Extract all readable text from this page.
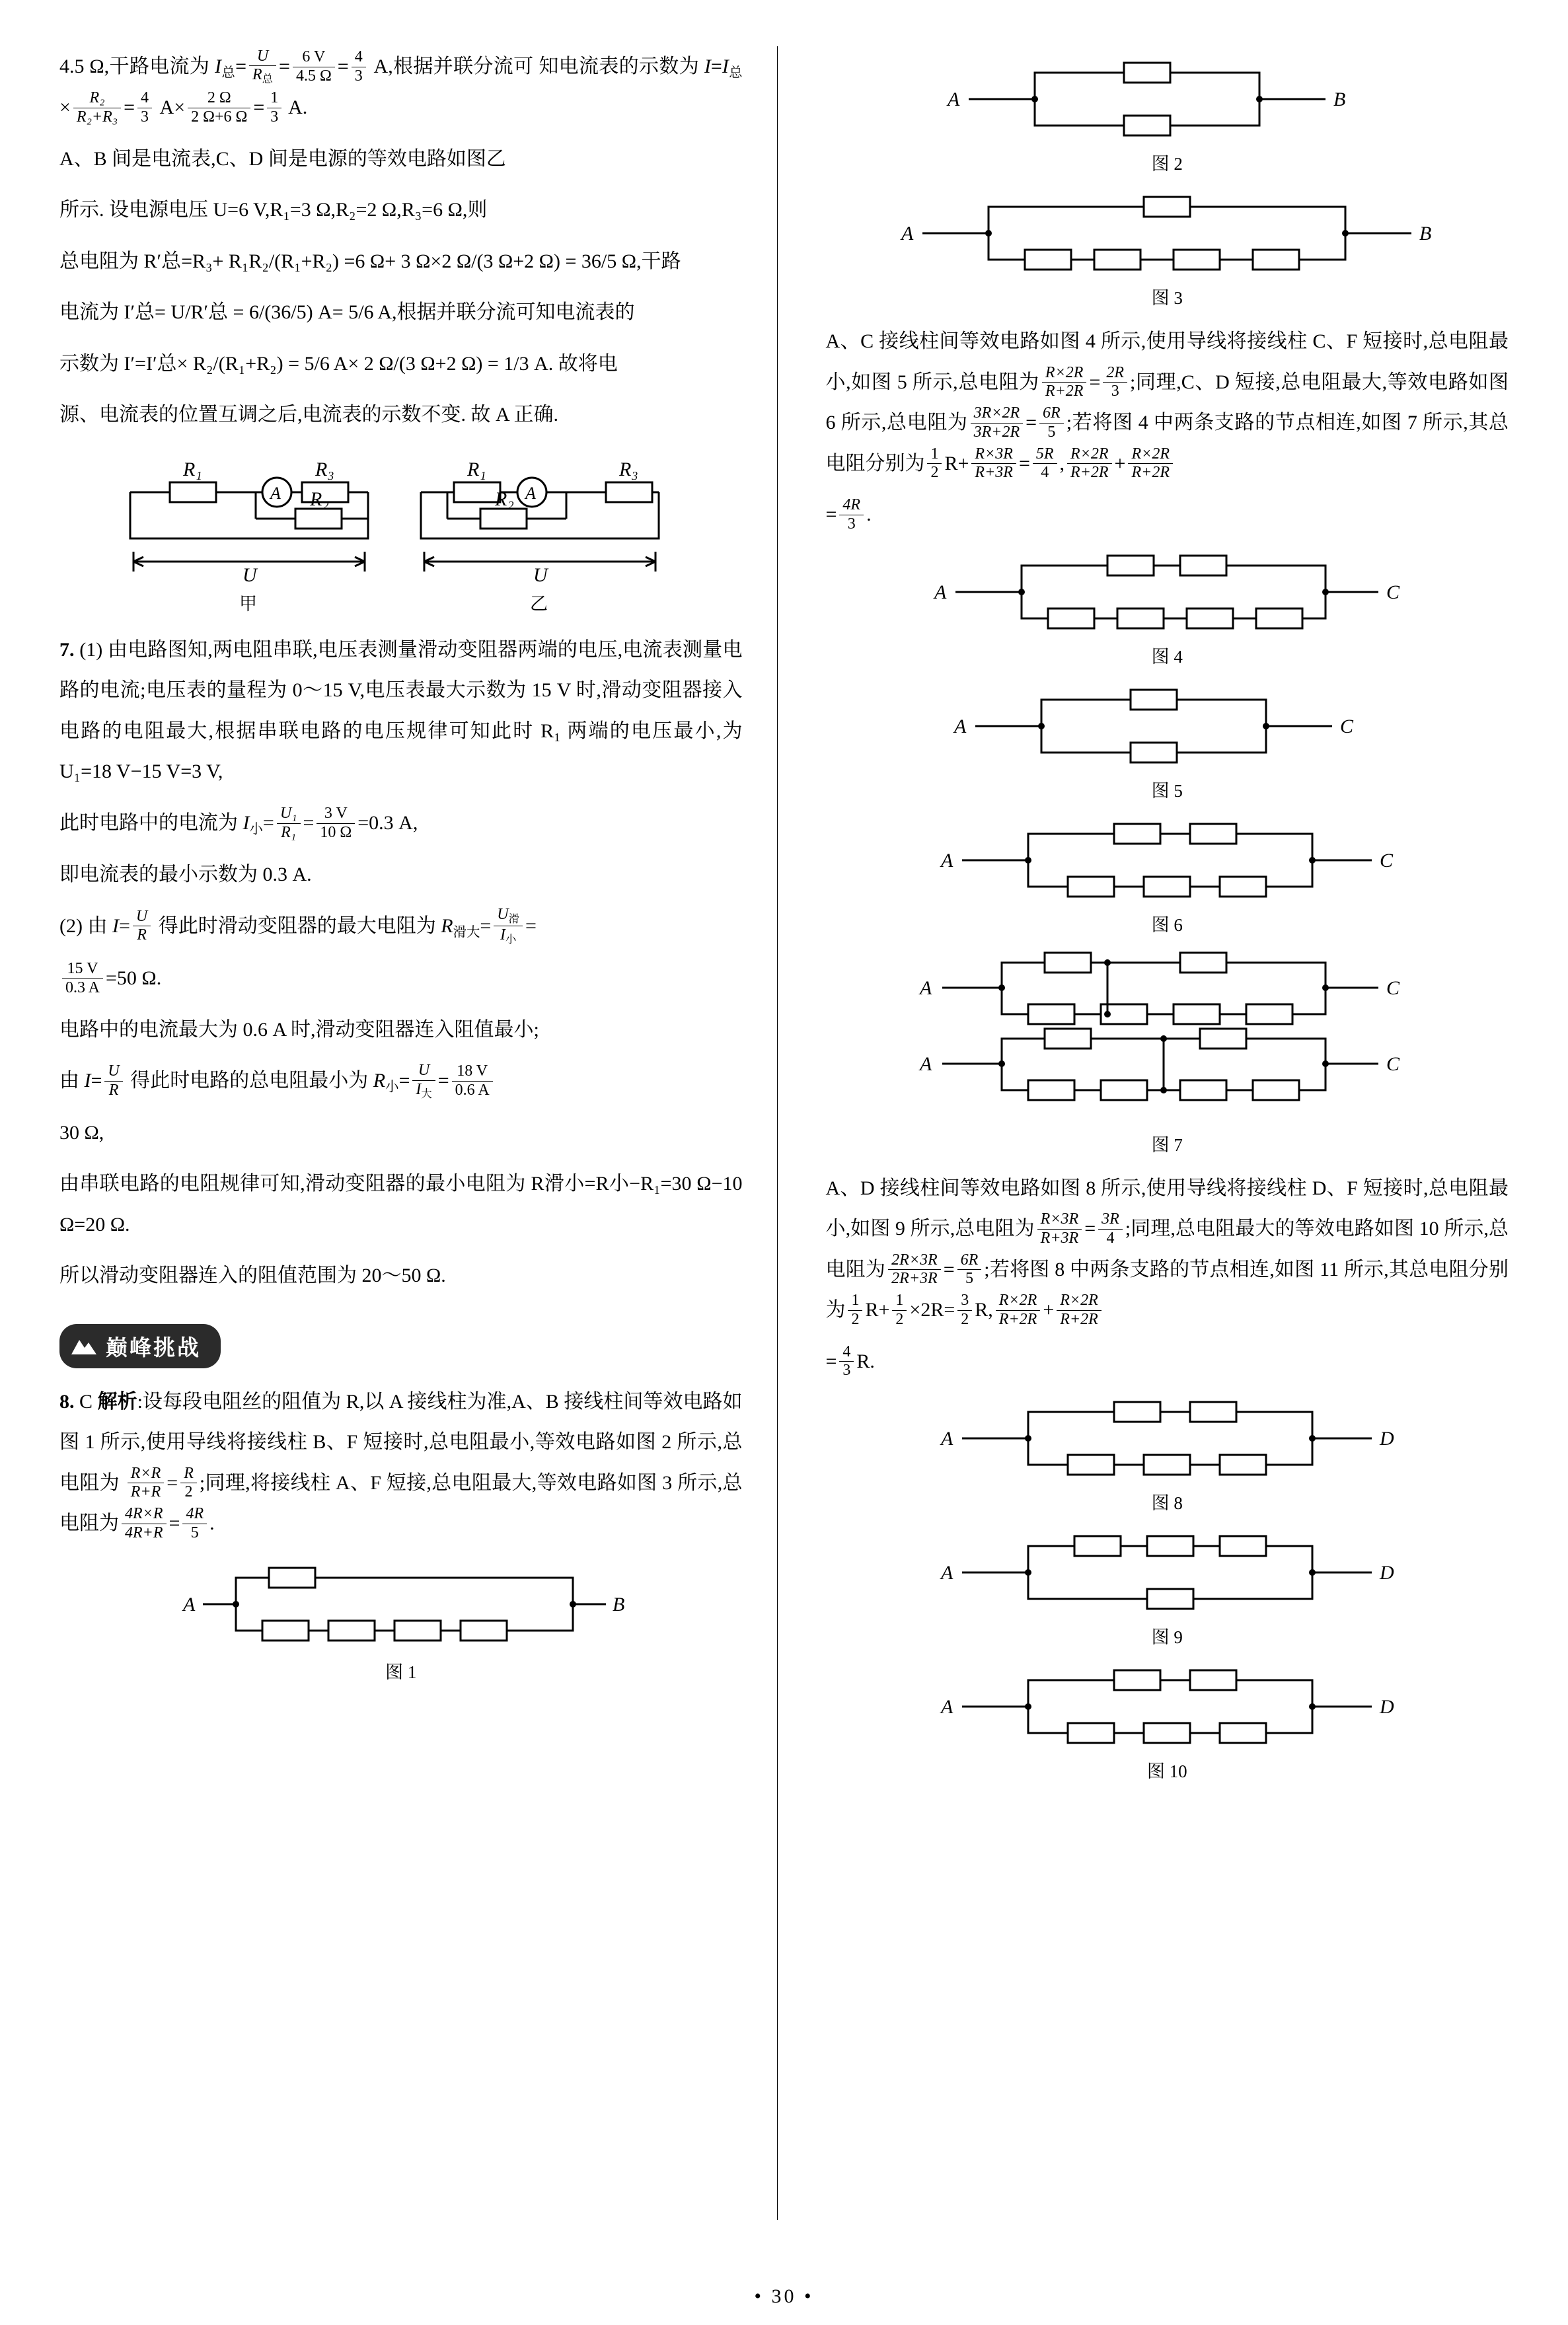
4.5 Ω,干路电流为 $I_总= \frac{U}{R_总} = \frac{6 V}{4.5 \Omega} = \frac{4}{3} A$,根据并联分流可 知电流表的示数为 $I=I_总\times \frac{\text{R₂}}{\text{R₂+R₃}} = \frac{4}{3} A\times \frac{2 \Omega}{2 \Omega+6 \Omega} = \frac{1}{3} A$.

A、B 间是电流表,C、D 间是电源的等效电路如图乙

所示. 设电源电压 U=6 V,R₁=3 Ω,R₂=2 Ω,R₃=6 Ω,则

总电阻为 R′总=R₃+ R₁R₂/(R₁+R₂) =6 Ω+ 3 Ω×2 Ω/(3 Ω+2 Ω) = 36/5 Ω,干路

电流为 I′总= U/R′总 = 6/(36/5) A= 5/6 A,根据并联分流可知电流表的

示数为 I′=I′总× R₂/(R₁+R₂) = 5/6 A× 2 Ω/(3 Ω+2 Ω) = 1/3 A. 故将电

源、电流表的位置互调之后,电流表的示数不变. 故 A 正确.

R₁	R₃
R₂
A
U
甲
R₁	R₃
R₂ A
U
乙

7. (1) 由电路图知,两电阻串联,电压表测量滑动变阻器两端的电压,电流表测量电路的电流;电压表的量程为 0～15 V,电压表最大示数为 15 V 时,滑动变阻器接入电路的电阻最大,根据串联电路的电压规律可知此时 R₁ 两端的电压最小,为 U₁=18 V−15 V=3 V,

此时电路中的电流为 $I_小= \frac{\text{U₁}}{\text{R₁}} = \frac{3 V}{10 \Omega} =0.3$ A,

即电流表的最小示数为 0.3 A.

(2) 由 $I= \frac{U}{R}$ 得此时滑动变阻器的最大电阻为 $R_{滑大}= \frac{U_滑}{I_小}$ =

$\frac{15 V}{0.3 A} =50$ Ω.

电路中的电流最大为 0.6 A 时,滑动变阻器连入阻值最小;

由 $I= \frac{U}{R}$ 得此时电路的总电阻最小为 $R_小= \frac{U}{I_大} = \frac{18 V}{0.6 A}$

30 Ω,

由串联电路的电阻规律可知,滑动变阻器的最小电阻为 R滑小=R小−R₁=30 Ω−10 Ω=20 Ω.

所以滑动变阻器连入的阻值范围为 20～50 Ω.

巅峰挑战

8. C 解析:设每段电阻丝的阻值为 R,以 A 接线柱为准,A、B 接线柱间等效电路如图 1 所示,使用导线将接线柱 B、F 短接时,总电阻最小,等效电路如图 2 所示,总电阻为 $\frac{R\times R}{R+R} = \frac{R}{2}$ ;同理,将接线柱 A、F 短接,总电阻最大,等效电路如图 3 所示,总电阻为 $\frac{4R\times R}{4R+R} = \frac{4R}{5}$ .

A	B
图 1
A	B
图 2
A	B
图 3

A、C 接线柱间等效电路如图 4 所示,使用导线将接线柱 C、F 短接时,总电阻最小,如图 5 所示,总电阻为 $\frac{R\times 2R}{R+2R} = \frac{2R}{3}$ ;同理,C、D 短接,总电阻最大,等效电路如图 6 所示,总电阻为 $\frac{3R\times 2R}{3R+2R} = \frac{6R}{5}$ ;若将图 4 中两条支路的节点相连,如图 7 所示,其总电阻分别为 $\frac{1}{2} R+ \frac{R\times 3R}{R+3R} = \frac{5R}{4}$ , $\frac{R\times 2R}{R+2R} + \frac{R\times 2R}{R+2R}$

= $\frac{4R}{3}$ .

A	C
图 4
A	C
图 5
A	C
图 6
A	C
A	C
图 7

A、D 接线柱间等效电路如图 8 所示,使用导线将接线柱 D、F 短接时,总电阻最小,如图 9 所示,总电阻为 $\frac{R\times 3R}{R+3R} = \frac{3R}{4}$ ;同理,总电阻最大的等效电路如图 10 所示,总电阻为 $\frac{2R\times 3R}{2R+3R} = \frac{6R}{5}$ ;若将图 8 中两条支路的节点相连,如图 11 所示,其总电阻分别为 $\frac{1}{2} R+ \frac{1}{2} \times 2R= \frac{3}{2} R$, $\frac{R\times 2R}{R+2R} + \frac{R\times 2R}{R+2R}$

= $\frac{4}{3} R$.

A	D
图 8
A	D
图 9
A	D
图 10
• 30 •
